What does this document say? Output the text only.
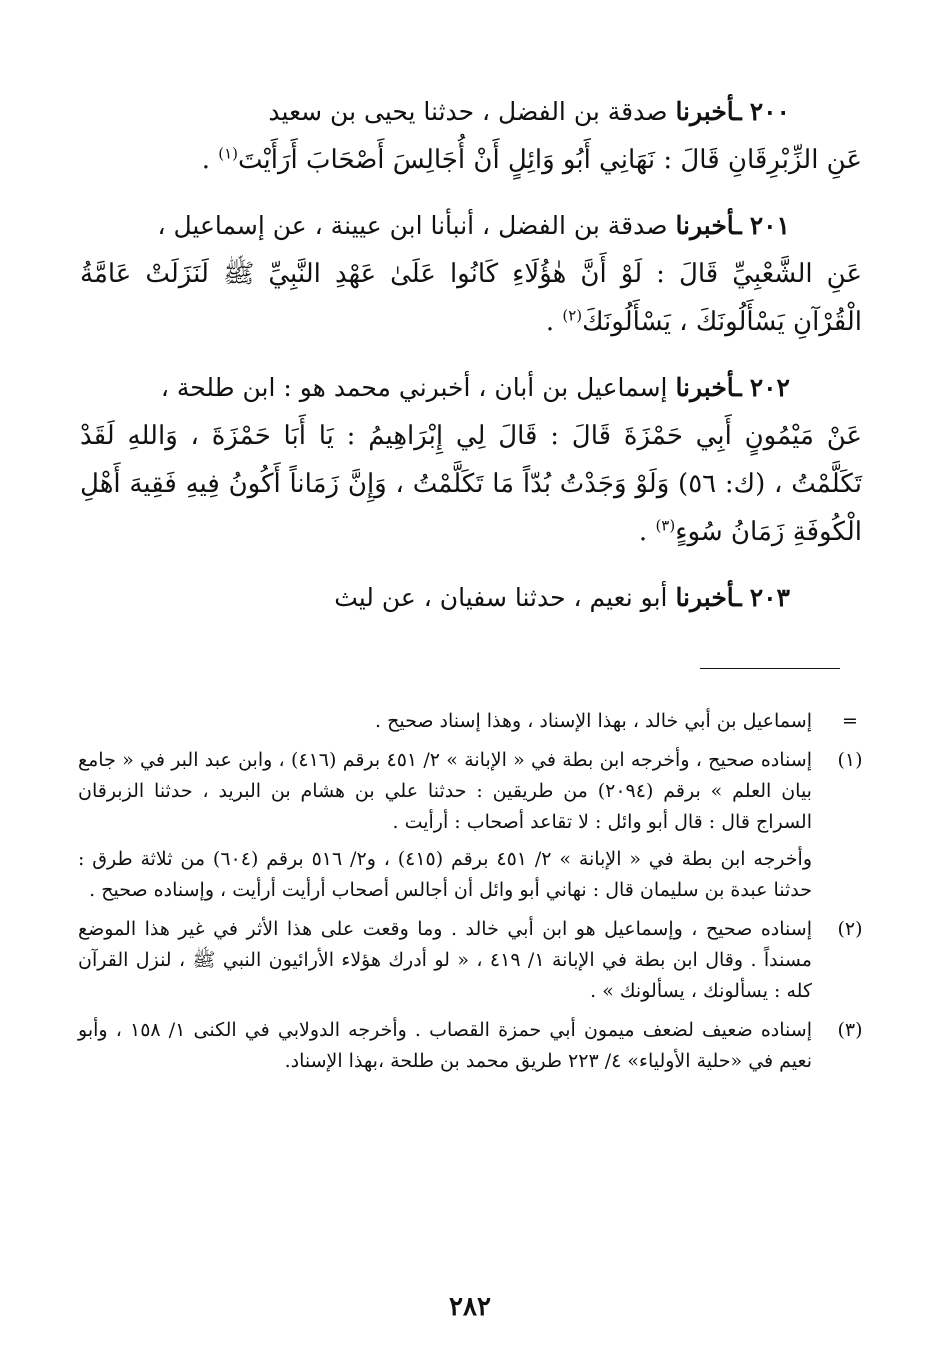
٢٠٠ ـأخبرنا صدقة بن الفضل ، حدثنا يحيى بن سعيد
عَنِ الزِّبْرِقَانِ قَالَ : نَهَانِي أَبُو وَائِلٍ أَنْ أُجَالِسَ أَصْحَابَ أَرَأَيْتَ$^{(١)}$ .
٢٠١ ـأخبرنا صدقة بن الفضل ، أنبأنا ابن عيينة ، عن إسماعيل ،
عَنِ الشَّعْبِيِّ قَالَ : لَوْ أَنَّ هٰؤُلَاءِ كَانُوا عَلَىٰ عَهْدِ النَّبِيِّ ﷺ لَنَزَلَتْ عَامَّةُ الْقُرْآنِ يَسْأَلُونَكَ ، يَسْأَلُونَكَ$^{(٢)}$ .
٢٠٢ ـأخبرنا إسماعيل بن أبان ، أخبرني محمد هو : ابن طلحة ،
عَنْ مَيْمُونٍ أَبِي حَمْزَةَ قَالَ : قَالَ لِي إِبْرَاهِيمُ : يَا أَبَا حَمْزَةَ ، وَاللهِ لَقَدْ تَكَلَّمْتُ ، (ك: ٥٦) وَلَوْ وَجَدْتُ بُدّاً مَا تَكَلَّمْتُ ، وَإِنَّ زَمَاناً أَكُونُ فِيهِ فَقِيهَ أَهْلِ الْكُوفَةِ زَمَانُ سُوءٍ$^{(٣)}$ .
٢٠٣ ـأخبرنا أبو نعيم ، حدثنا سفيان ، عن ليث
=

إسماعيل بن أبي خالد ، بهذا الإسناد ، وهذا إسناد صحيح .

(١)

إسناده صحيح ، وأخرجه ابن بطة في « الإبانة » ٢/ ٤٥١ برقم (٤١٦) ، وابن عبد البر في « جامع بيان العلم » برقم (٢٠٩٤) من طريقين : حدثنا علي بن هشام بن البريد ، حدثنا الزبرقان السراج قال : قال أبو وائل : لا تقاعد أصحاب : أرأيت .

وأخرجه ابن بطة في « الإبانة » ٢/ ٤٥١ برقم (٤١٥) ، و٢/ ٥١٦ برقم (٦٠٤) من ثلاثة طرق : حدثنا عبدة بن سليمان قال : نهاني أبو وائل أن أجالس أصحاب أرأيت أرأيت ، وإسناده صحيح .

(٢)

إسناده صحيح ، وإسماعيل هو ابن أبي خالد . وما وقعت على هذا الأثر في غير هذا الموضع مسنداً . وقال ابن بطة في الإبانة ١/ ٤١٩ ، « لو أدرك هؤلاء الأرائيون النبي ﷺ ، لنزل القرآن كله : يسألونك ، يسألونك » .

(٣)

إسناده ضعيف لضعف ميمون أبي حمزة القصاب . وأخرجه الدولابي في الكنى ١/ ١٥٨ ، وأبو نعيم في «حلية الأولياء» ٤/ ٢٢٣ طريق محمد بن طلحة ،بهذا الإسناد.

٢٨٢
